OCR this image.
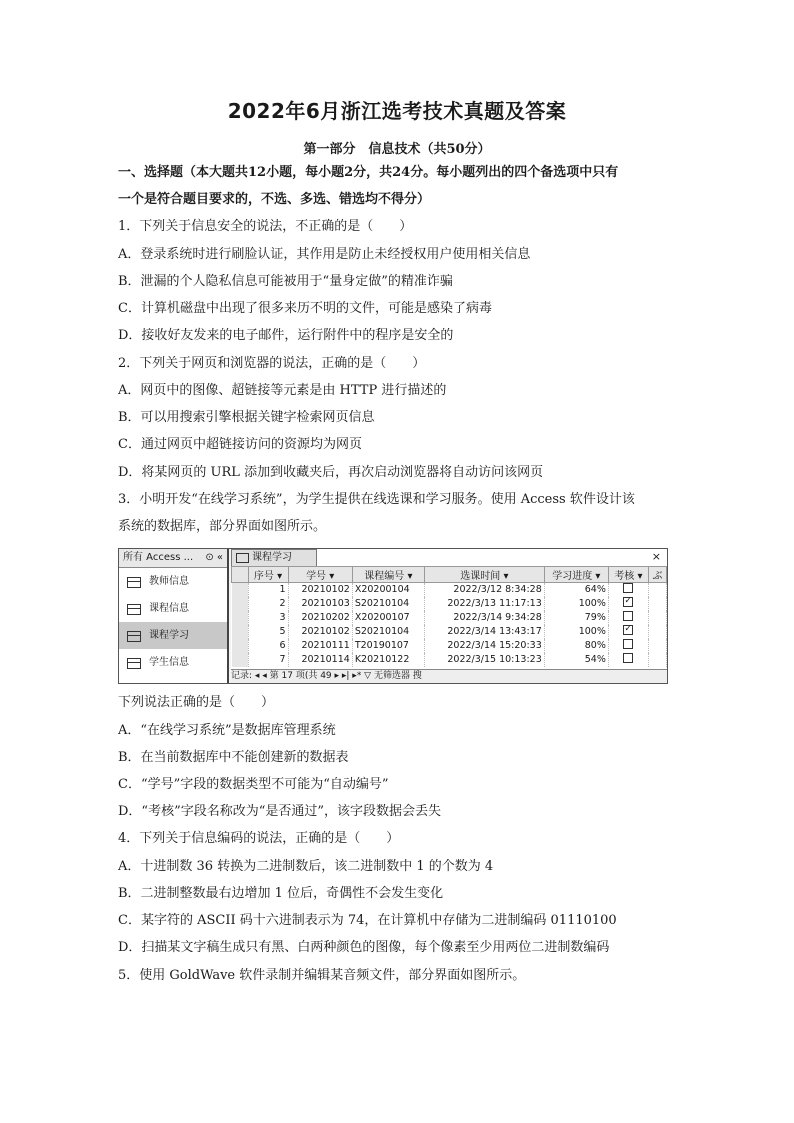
2022年6月浙江选考技术真题及答案
第一部分　信息技术（共50分）
一、选择题（本大题共12小题，每小题2分，共24分。每小题列出的四个备选项中只有
一个是符合题目要求的，不选、多选、错选均不得分）
1．下列关于信息安全的说法，不正确的是（　　）
A．登录系统时进行刷脸认证，其作用是防止未经授权用户使用相关信息
B．泄漏的个人隐私信息可能被用于“量身定做”的精准诈骗
C．计算机磁盘中出现了很多来历不明的文件，可能是感染了病毒
D．接收好友发来的电子邮件，运行附件中的程序是安全的
2．下列关于网页和浏览器的说法，正确的是（　　）
A．网页中的图像、超链接等元素是由 HTTP 进行描述的
B．可以用搜索引擎根据关键字检索网页信息
C．通过网页中超链接访问的资源均为网页
D．将某网页的 URL 添加到收藏夹后，再次启动浏览器将自动访问该网页
3．小明开发“在线学习系统”，为学生提供在线选课和学习服务。使用 Access 软件设计该
系统的数据库，部分界面如图所示。
所有 Access ... ⊙ «
教师信息
课程信息
课程学习
学生信息
课程学习	×
	序号 ▾	学号 ▾	课程编号 ▾	选课时间 ▾	学习进度 ▾	考核 ▾	ぶ
	1	20210102	X20200104	2022/3/12 8:34:28	64%		
	2	20210103	S20210104	2022/3/13 11:17:13	100%	✓	
	3	20210202	X20200107	2022/3/14 9:34:28	79%		
	5	20210102	S20210104	2022/3/14 13:43:17	100%	✓	
	6	20210111	T20190107	2022/3/14 15:20:33	80%		
	7	20210114	K20210122	2022/3/15 10:13:23	54%		
记录: ◂ ◂ 第 17 项(共 49 ▸ ▸| ▸* ▽ 无筛选器 搜
下列说法正确的是（　　）
A．“在线学习系统”是数据库管理系统
B．在当前数据库中不能创建新的数据表
C．“学号”字段的数据类型不可能为“自动编号”
D．“考核”字段名称改为“是否通过”，该字段数据会丢失
4．下列关于信息编码的说法，正确的是（　　）
A．十进制数 36 转换为二进制数后，该二进制数中 1 的个数为 4
B．二进制整数最右边增加 1 位后，奇偶性不会发生变化
C．某字符的 ASCII 码十六进制表示为 74，在计算机中存储为二进制编码 01110100
D．扫描某文字稿生成只有黑、白两种颜色的图像，每个像素至少用两位二进制数编码
5．使用 GoldWave 软件录制并编辑某音频文件，部分界面如图所示。
